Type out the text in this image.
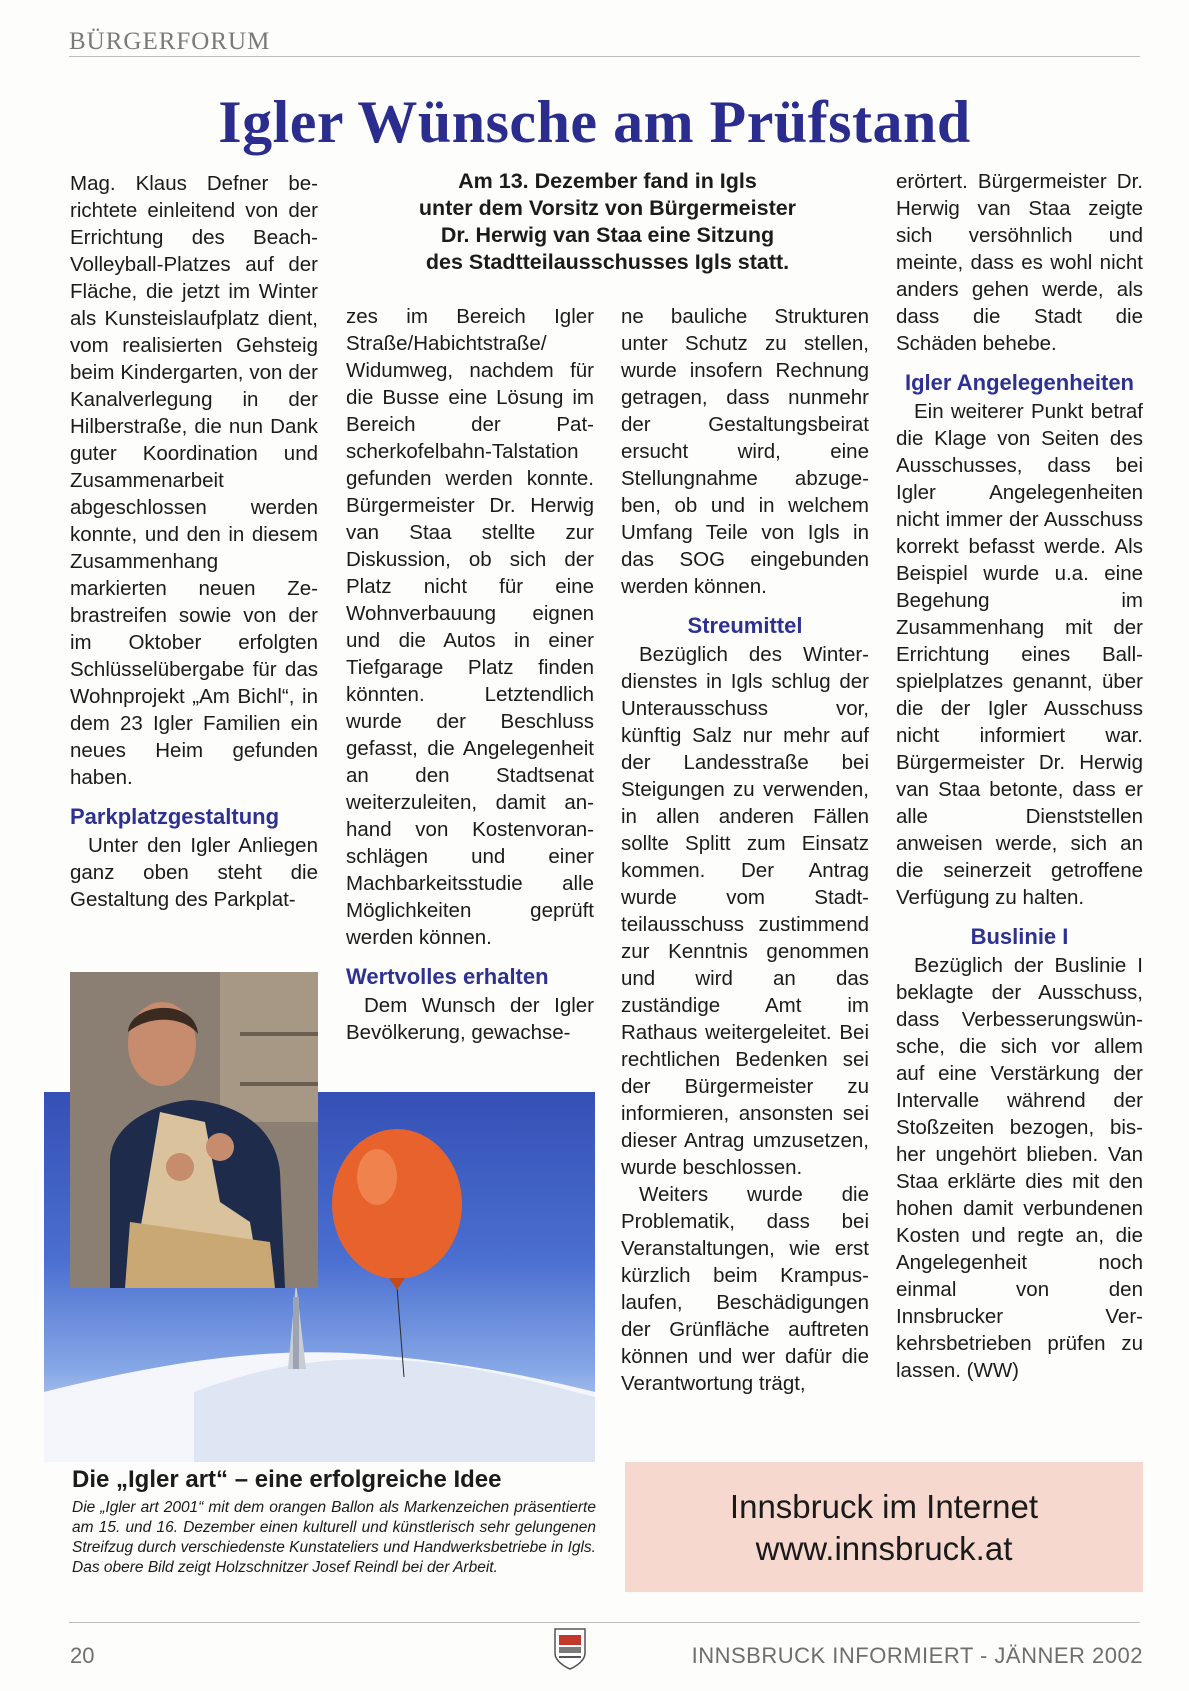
BÜRGERFORUM
Igler Wünsche am Prüfstand
Am 13. Dezember fand in Igls
unter dem Vorsitz von Bürgermeister
Dr. Herwig van Staa eine Sitzung
des Stadtteilausschusses Igls statt.

Mag. Klaus Defner berichtete einleitend von der Errichtung des Beach-Volleyball-Platzes auf der Fläche, die jetzt im Winter als Kunsteislaufplatz dient, vom realisierten Gehsteig beim Kindergarten, von der Kanalverlegung in der Hilberstraße, die nun Dank guter Koordination und Zusammenarbeit abgeschlossen werden konnte, und den in diesem Zusammenhang markierten neuen Zebrastreifen sowie von der im Oktober erfolgten Schlüsselübergabe für das Wohnprojekt „Am Bichl“, in dem 23 Igler Familien ein neues Heim gefunden haben.

Parkplatzgestaltung

Unter den Igler Anliegen ganz oben steht die Gestaltung des Parkplat-

zes im Bereich Igler Straße/Habichtstraße/ Widumweg, nachdem für die Busse eine Lösung im Bereich der Patscherkofelbahn-Talstation gefunden werden konnte. Bürgermeister Dr. Herwig van Staa stellte zur Diskussion, ob sich der Platz nicht für eine Wohnverbauung eignen und die Autos in einer Tiefgarage Platz finden könnten. Letztendlich wurde der Beschluss gefasst, die Angelegenheit an den Stadtsenat weiterzuleiten, damit anhand von Kostenvoranschlägen und einer Machbarkeitsstudie alle Möglichkeiten geprüft werden können.

Wertvolles erhalten

Dem Wunsch der Igler Bevölkerung, gewachse-

ne bauliche Strukturen unter Schutz zu stellen, wurde insofern Rechnung getragen, dass nunmehr der Gestaltungsbeirat ersucht wird, eine Stellungnahme abzugeben, ob und in welchem Umfang Teile von Igls in das SOG eingebunden werden können.

Streumittel

Bezüglich des Winterdienstes in Igls schlug der Unterausschuss vor, künftig Salz nur mehr auf der Landesstraße bei Steigungen zu verwenden, in allen anderen Fällen sollte Splitt zum Einsatz kommen. Der Antrag wurde vom Stadtteilausschuss zustimmend zur Kenntnis genommen und wird an das zuständige Amt im Rathaus weitergeleitet. Bei rechtlichen Bedenken sei der Bürgermeister zu informieren, ansonsten sei dieser Antrag umzusetzen, wurde beschlossen.

Weiters wurde die Problematik, dass bei Veranstaltungen, wie erst kürzlich beim Krampuslaufen, Beschädigungen der Grünfläche auftreten können und wer dafür die Verantwortung trägt,

erörtert. Bürgermeister Dr. Herwig van Staa zeigte sich versöhnlich und meinte, dass es wohl nicht anders gehen werde, als dass die Stadt die Schäden behebe.

Igler Angelegenheiten

Ein weiterer Punkt betraf die Klage von Seiten des Ausschusses, dass bei Igler Angelegenheiten nicht immer der Ausschuss korrekt befasst werde. Als Beispiel wurde u.a. eine Begehung im Zusammenhang mit der Errichtung eines Ballspielplatzes genannt, über die der Igler Ausschuss nicht informiert war. Bürgermeister Dr. Herwig van Staa betonte, dass er alle Dienststellen anweisen werde, sich an die seinerzeit getroffene Verfügung zu halten.

Buslinie I

Bezüglich der Buslinie I beklagte der Ausschuss, dass Verbesserungswünsche, die sich vor allem auf eine Verstärkung der Intervalle während der Stoßzeiten bezogen, bisher ungehört blieben. Van Staa erklärte dies mit den hohen damit verbundenen Kosten und regte an, die Angelegenheit noch einmal von den Innsbrucker Verkehrsbetrieben prüfen zu lassen. (WW)

Die „Igler art“ – eine erfolgreiche Idee
Die „Igler art 2001“ mit dem orangen Ballon als Markenzeichen präsentierte am 15. und 16. Dezember einen kulturell und künstlerisch sehr gelungenen Streifzug durch verschiedenste Kunstateliers und Handwerksbetriebe in Igls. Das obere Bild zeigt Holzschnitzer Josef Reindl bei der Arbeit.
Innsbruck im Internet
www.innsbruck.at
20	INNSBRUCK INFORMIERT - JÄNNER 2002
